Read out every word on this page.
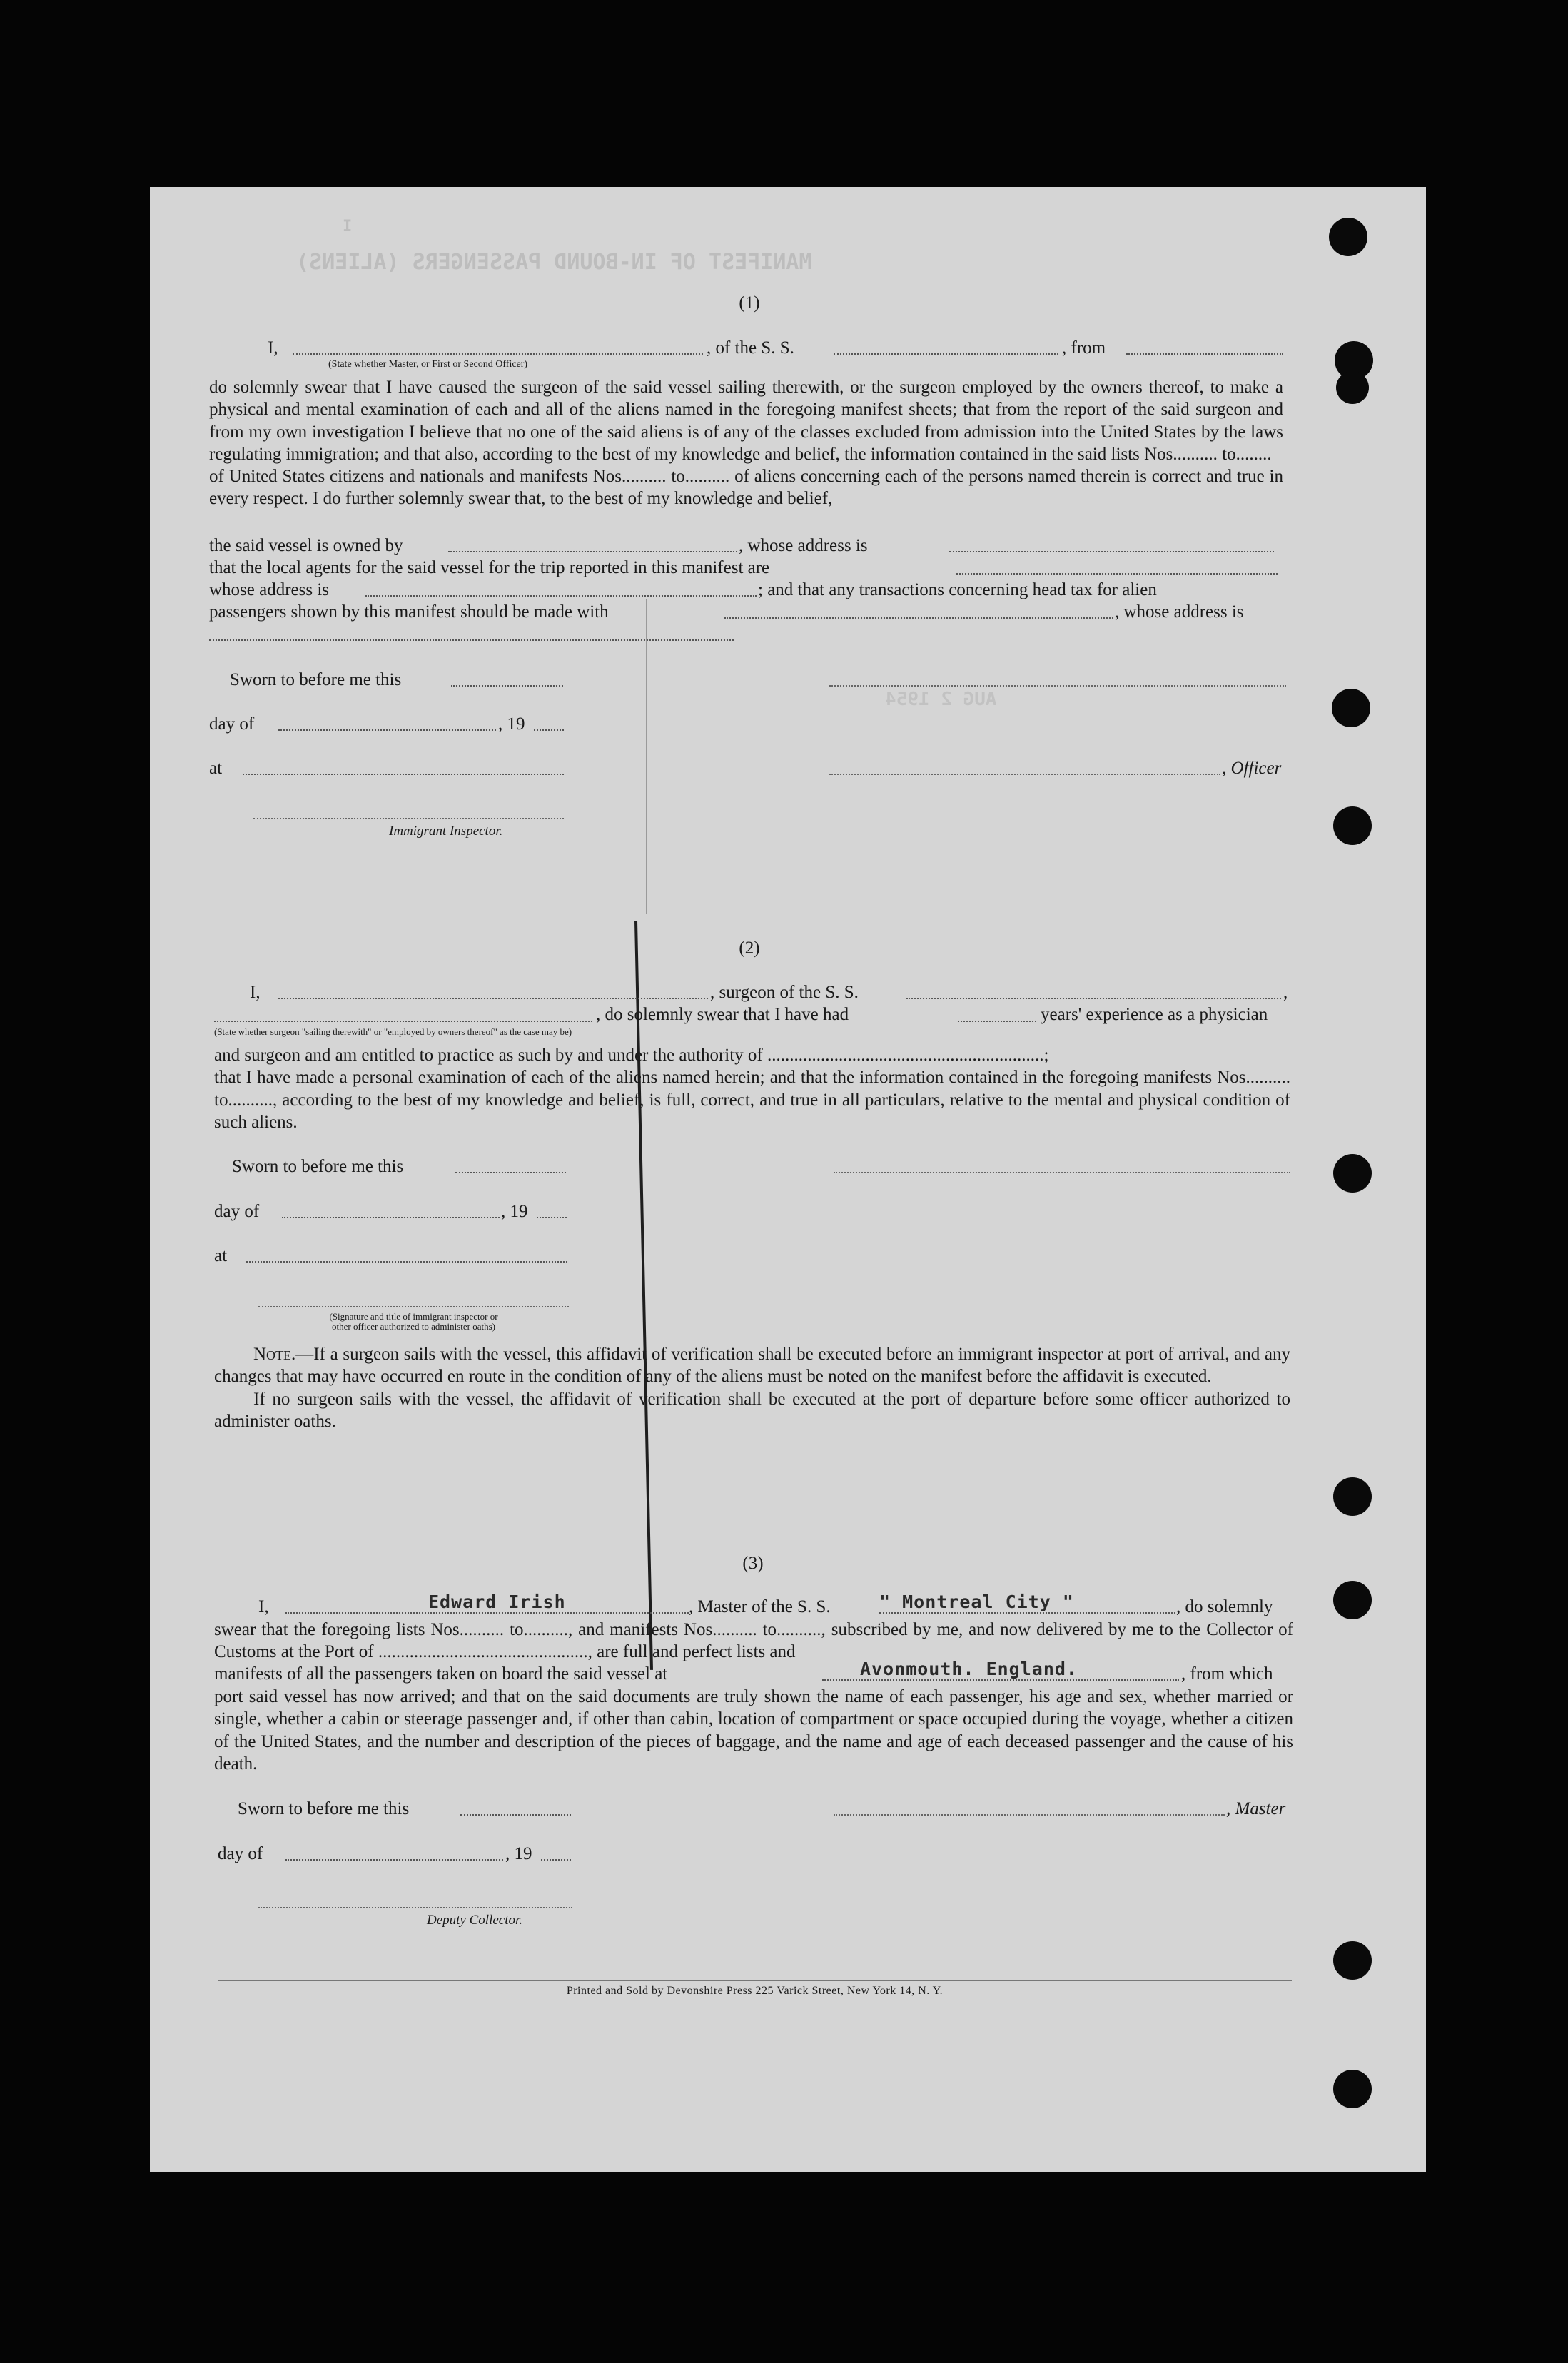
I
MANIFEST OF IN-BOUND PASSENGERS (ALIENS)
AUG 2 1954
(1)
I,	, of the S. S.	, from
(State whether Master, or First or Second Officer)

do solemnly swear that I have caused the surgeon of the said vessel sailing therewith, or the surgeon employed by the owners thereof, to make a physical and mental examination of each and all of the aliens named in the foregoing manifest sheets; that from the report of the said surgeon and from my own investigation I believe that no one of the said aliens is of any of the classes excluded from admission into the United States by the laws regulating immigration; and that also, according to the best of my knowledge and belief, the information contained in the said lists Nos.......... to........

of United States citizens and nationals and manifests Nos.......... to.......... of aliens concerning each of the persons named therein is correct and true in every respect. I do further solemnly swear that, to the best of my knowledge and belief,

the said vessel is owned by	, whose address is
that the local agents for the said vessel for the trip reported in this manifest are
whose address is	; and that any transactions concerning head tax for alien
passengers shown by this manifest should be made with	, whose address is
Sworn to before me this
day of	, 19
at	, Officer
Immigrant Inspector.
(2)
I,	, surgeon of the S. S.	,
, do solemnly swear that I have had	years' experience as a physician
(State whether surgeon "sailing therewith" or "employed by owners thereof" as the case may be)

and surgeon and am entitled to practice as such by and under the authority of ..............................................................;

that I have made a personal examination of each of the aliens named herein; and that the information contained in the foregoing manifests Nos.......... to.........., according to the best of my knowledge and belief, is full, correct, and true in all particulars, relative to the mental and physical condition of such aliens.

Sworn to before me this
day of	, 19
at
(Signature and title of immigrant inspector or
other officer authorized to administer oaths)

Note.—If a surgeon sails with the vessel, this affidavit of verification shall be executed before an immigrant inspector at port of arrival, and any changes that may have occurred en route in the condition of any of the aliens must be noted on the manifest before the affidavit is executed.

If no surgeon sails with the vessel, the affidavit of verification shall be executed at the port of departure before some officer authorized to administer oaths.

(3)
I,	Edward Irish	, Master of the S. S.	" Montreal City "	, do solemnly

swear that the foregoing lists Nos.......... to.........., and manifests Nos.......... to.........., subscribed by me, and now delivered by me to the Collector of Customs at the Port of ..............................................., are full and perfect lists and

manifests of all the passengers taken on board the said vessel at	Avonmouth. England.	, from which

port said vessel has now arrived; and that on the said documents are truly shown the name of each passenger, his age and sex, whether married or single, whether a cabin or steerage passenger and, if other than cabin, location of compartment or space occupied during the voyage, whether a citizen of the United States, and the number and description of the pieces of baggage, and the name and age of each deceased passenger and the cause of his death.

Sworn to before me this	, Master
day of	, 19
Deputy Collector.
Printed and Sold by Devonshire Press 225 Varick Street, New York 14, N. Y.
